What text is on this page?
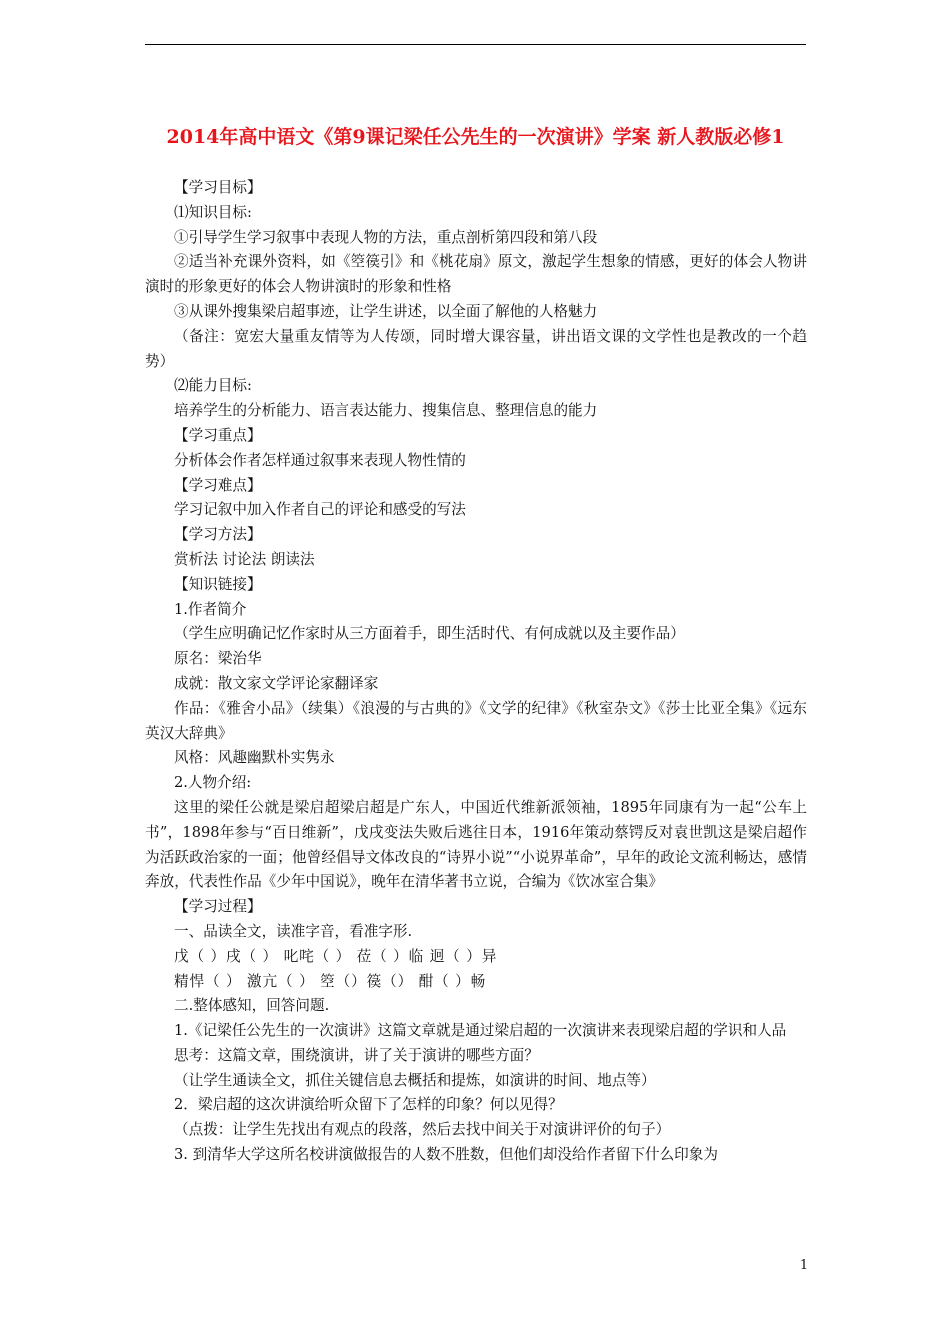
2014年高中语文《第9课记梁任公先生的一次演讲》学案 新人教版必修1

【学习目标】

⑴知识目标:

①引导学生学习叙事中表现人物的方法，重点剖析第四段和第八段

②适当补充课外资料，如《箜篌引》和《桃花扇》原文，激起学生想象的情感，更好的体会人物讲演时的形象更好的体会人物讲演时的形象和性格

③从课外搜集梁启超事迹，让学生讲述，以全面了解他的人格魅力

（备注：宽宏大量重友情等为人传颂，同时增大课容量，讲出语文课的文学性也是教改的一个趋势）

⑵能力目标:

培养学生的分析能力、语言表达能力、搜集信息、整理信息的能力

【学习重点】

分析体会作者怎样通过叙事来表现人物性情的

【学习难点】

学习记叙中加入作者自己的评论和感受的写法

【学习方法】

赏析法 讨论法 朗读法

【知识链接】

1.作者简介

（学生应明确记忆作家时从三方面着手，即生活时代、有何成就以及主要作品）

原名：梁治华

成就：散文家文学评论家翻译家

作品：《雅舍小品》（续集）《浪漫的与古典的》《文学的纪律》《秋室杂文》《莎士比亚全集》《远东英汉大辞典》

风格：风趣幽默朴实隽永

2.人物介绍:

这里的梁任公就是梁启超梁启超是广东人，中国近代维新派领袖，1895年同康有为一起“公车上书”，1898年参与“百日维新”，戊戌变法失败后逃往日本，1916年策动蔡锷反对袁世凯这是梁启超作为活跃政治家的一面；他曾经倡导文体改良的“诗界小说”“小说界革命”，早年的政论文流利畅达，感情奔放，代表性作品《少年中国说》，晚年在清华著书立说，合编为《饮冰室合集》

【学习过程】

一、品读全文，读准字音，看准字形.

戊（ ）戌（ ） 叱咤（ ） 莅（ ）临 迥（ ）异

精悍（ ） 激亢（ ） 箜（）篌（） 酣（ ）畅

二.整体感知，回答问题.

1.《记梁任公先生的一次演讲》这篇文章就是通过梁启超的一次演讲来表现梁启超的学识和人品

思考：这篇文章，围绕演讲，讲了关于演讲的哪些方面？

（让学生通读全文，抓住关键信息去概括和提炼，如演讲的时间、地点等）

2．梁启超的这次讲演给听众留下了怎样的印象？何以见得？

（点拨：让学生先找出有观点的段落，然后去找中间关于对演讲评价的句子）

3. 到清华大学这所名校讲演做报告的人数不胜数，但他们却没给作者留下什么印象为

1
